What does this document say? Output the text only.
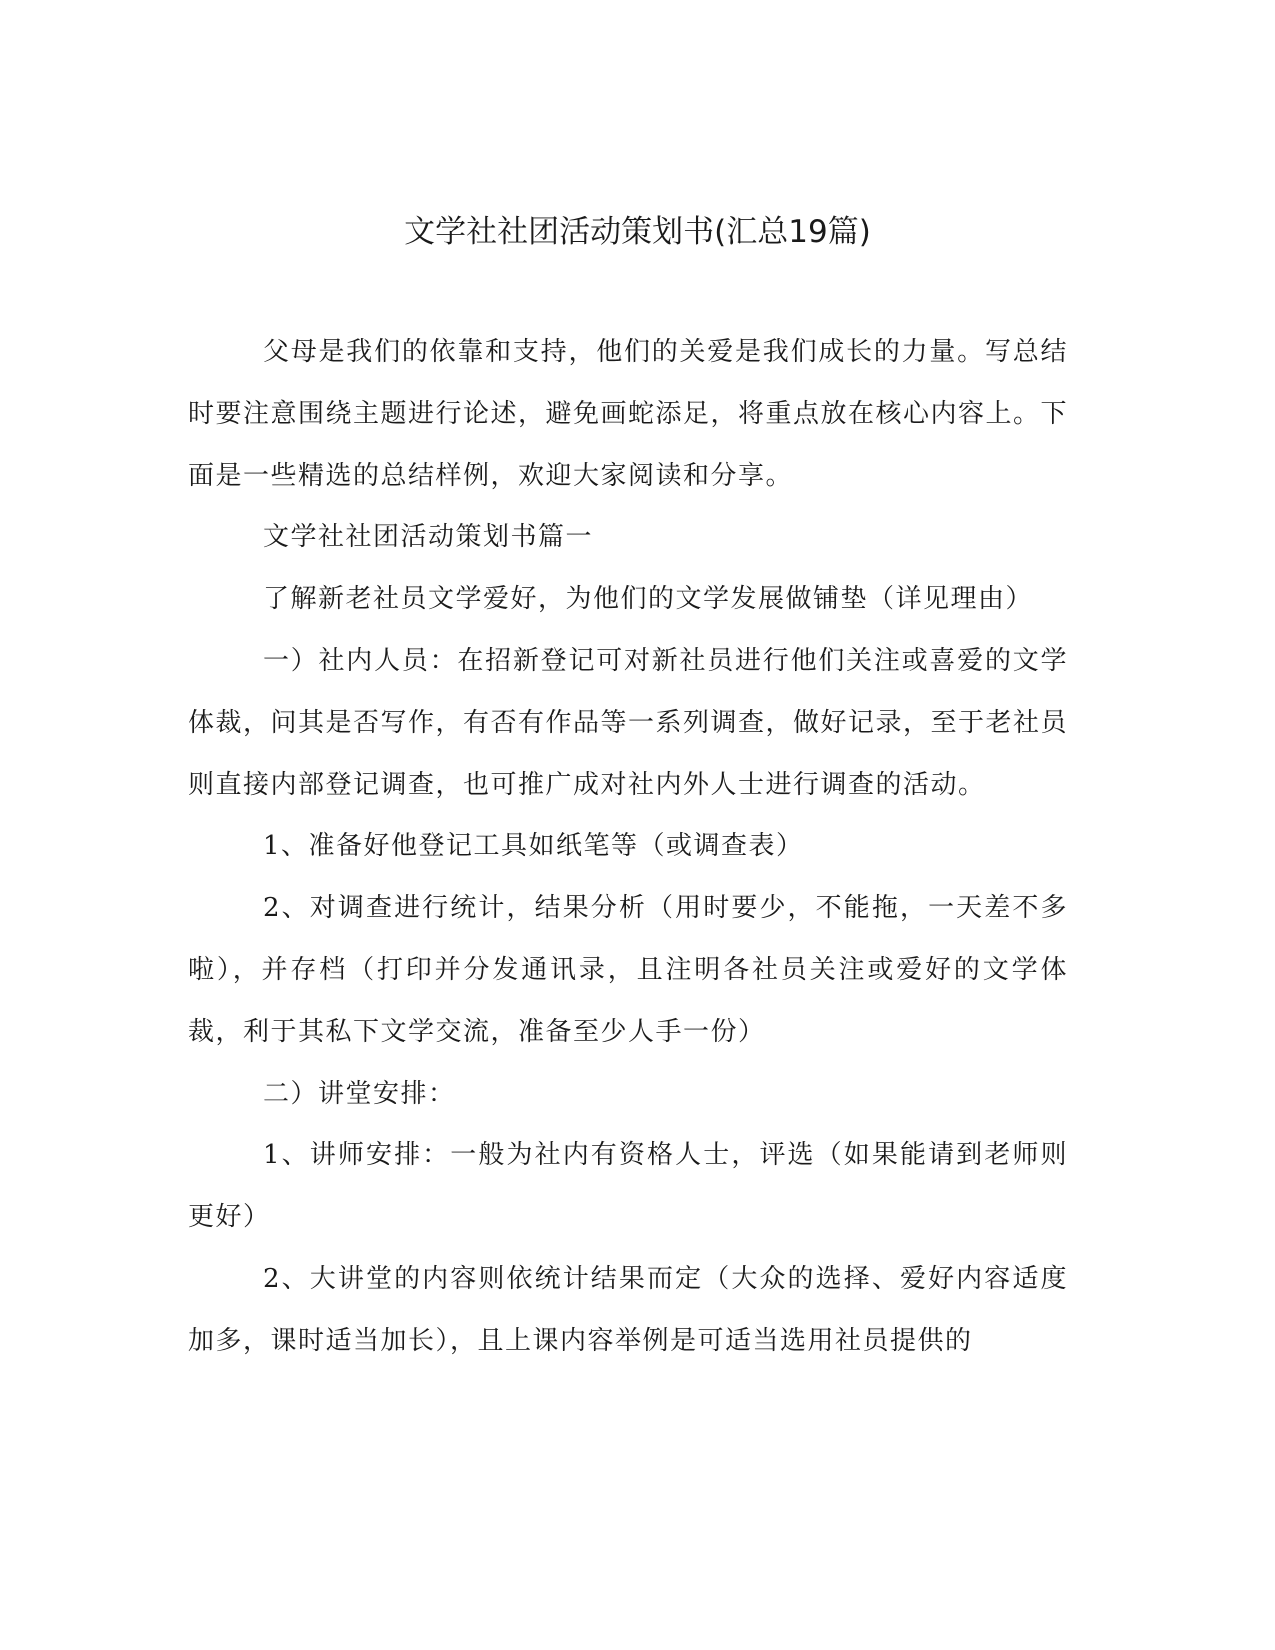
文学社社团活动策划书(汇总19篇)

父母是我们的依靠和支持，他们的关爱是我们成长的力量。写总结时要注意围绕主题进行论述，避免画蛇添足，将重点放在核心内容上。下面是一些精选的总结样例，欢迎大家阅读和分享。

文学社社团活动策划书篇一

了解新老社员文学爱好，为他们的文学发展做铺垫（详见理由）

一）社内人员：在招新登记可对新社员进行他们关注或喜爱的文学体裁，问其是否写作，有否有作品等一系列调查，做好记录，至于老社员则直接内部登记调查，也可推广成对社内外人士进行调查的活动。

1、准备好他登记工具如纸笔等（或调查表）

2、对调查进行统计，结果分析（用时要少，不能拖，一天差不多啦），并存档（打印并分发通讯录，且注明各社员关注或爱好的文学体裁，利于其私下文学交流，准备至少人手一份）

二）讲堂安排：

1、讲师安排：一般为社内有资格人士，评选（如果能请到老师则更好）

2、大讲堂的内容则依统计结果而定（大众的选择、爱好内容适度加多，课时适当加长），且上课内容举例是可适当选用社员提供的
